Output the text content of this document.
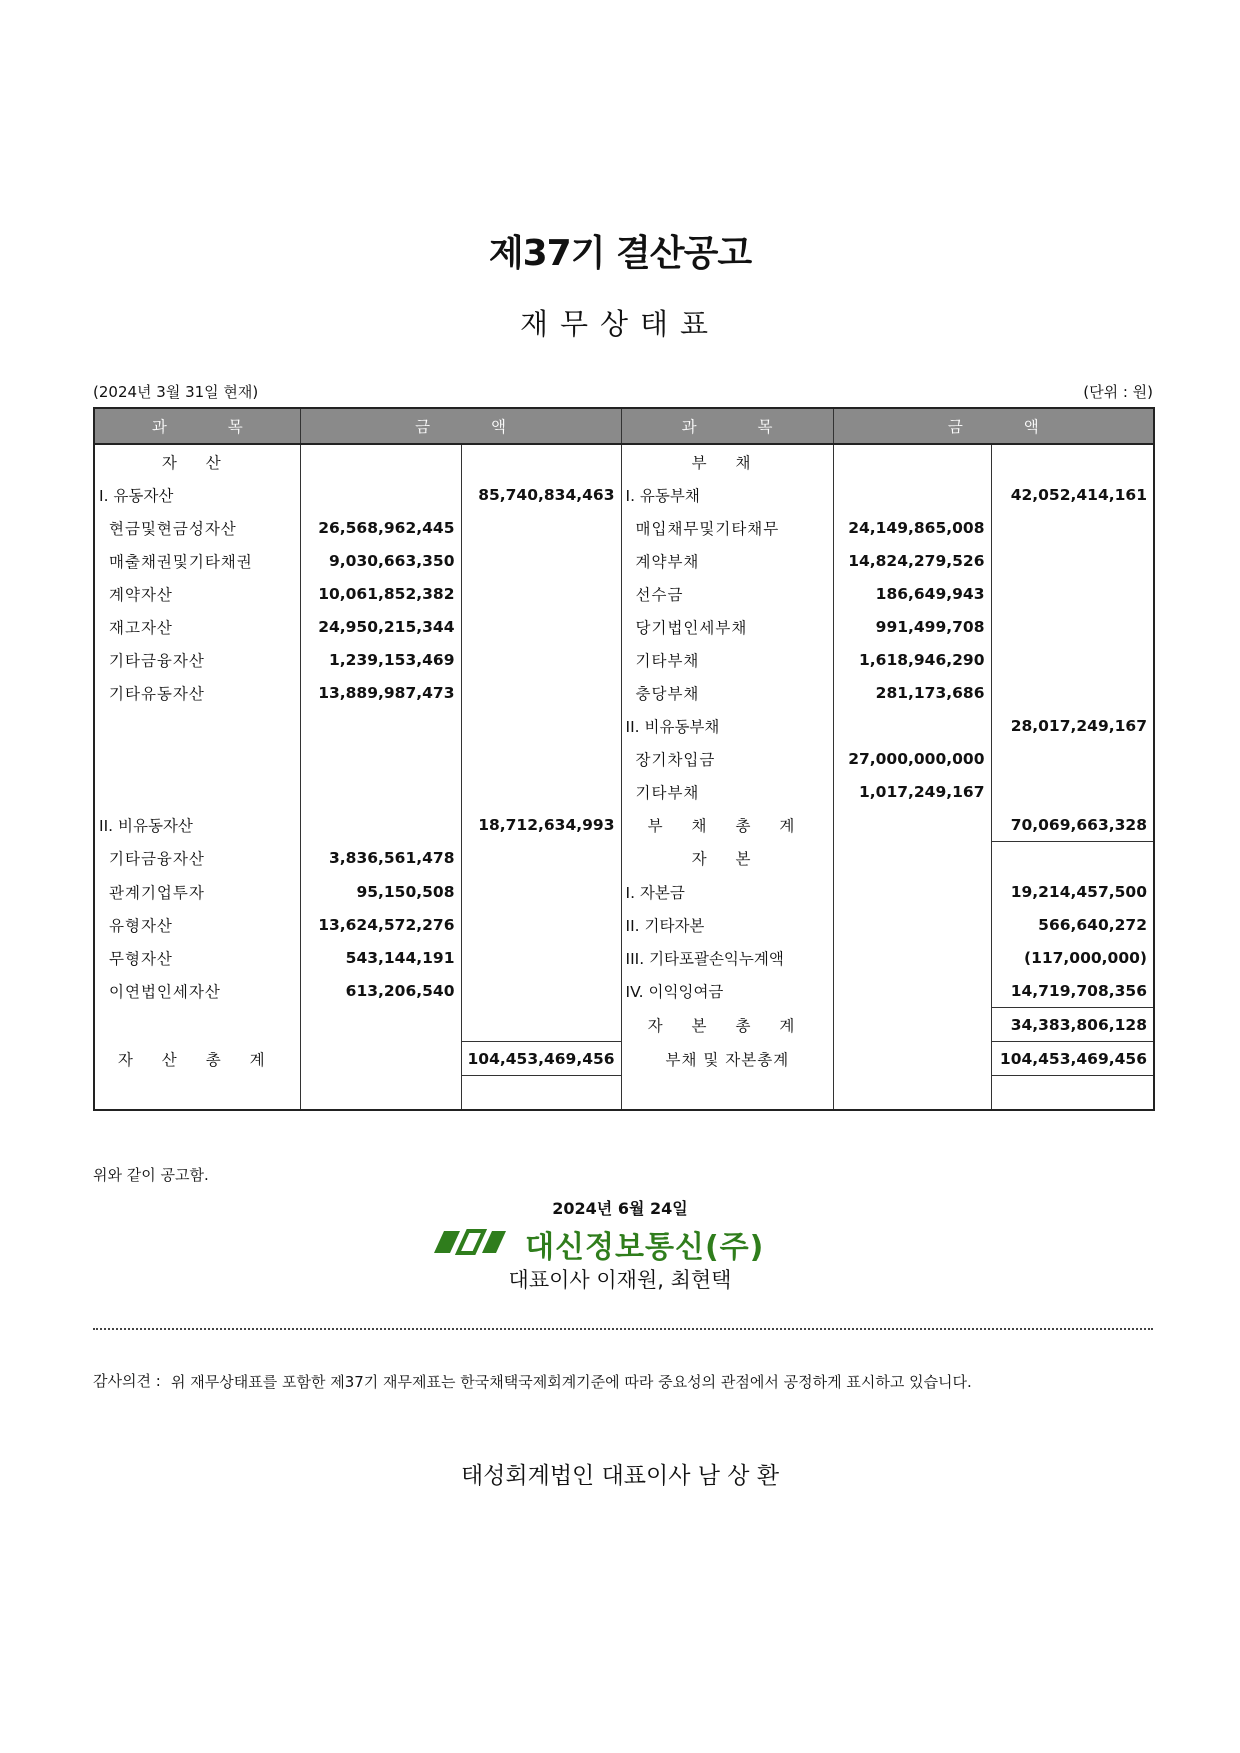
제37기 결산공고
재무상태표
(2024년 3월 31일 현재)	(단위 : 원)
과 목	금 액		과 목	금 액	
자 산			부 채		
I. 유동자산		85,740,834,463	I. 유동부채		42,052,414,161
현금및현금성자산	26,568,962,445		매입채무및기타채무	24,149,865,008	
매출채권및기타채권	9,030,663,350		계약부채	14,824,279,526	
계약자산	10,061,852,382		선수금	186,649,943	
재고자산	24,950,215,344		당기법인세부채	991,499,708	
기타금융자산	1,239,153,469		기타부채	1,618,946,290	
기타유동자산	13,889,987,473		충당부채	281,173,686	
			II. 비유동부채		28,017,249,167
			장기차입금	27,000,000,000	
			기타부채	1,017,249,167	
II. 비유동자산		18,712,634,993	부 채 총 계		70,069,663,328
기타금융자산	3,836,561,478		자 본		
관계기업투자	95,150,508		I. 자본금		19,214,457,500
유형자산	13,624,572,276		II. 기타자본		566,640,272
무형자산	543,144,191		III. 기타포괄손익누계액		(117,000,000)
이연법인세자산	613,206,540		IV. 이익잉여금		14,719,708,356
			자 본 총 계		34,383,806,128
자 산 총 계		104,453,469,456	부채 및 자본총계		104,453,469,456

위와 같이 공고함.
2024년 6월 24일
대신정보통신(주)
대표이사 이재원, 최현택
감사의견 : 위 재무상태표를 포함한 제37기 재무제표는 한국채택국제회계기준에 따라 중요성의 관점에서 공정하게 표시하고 있습니다.
태성회계법인 대표이사 남 상 환
